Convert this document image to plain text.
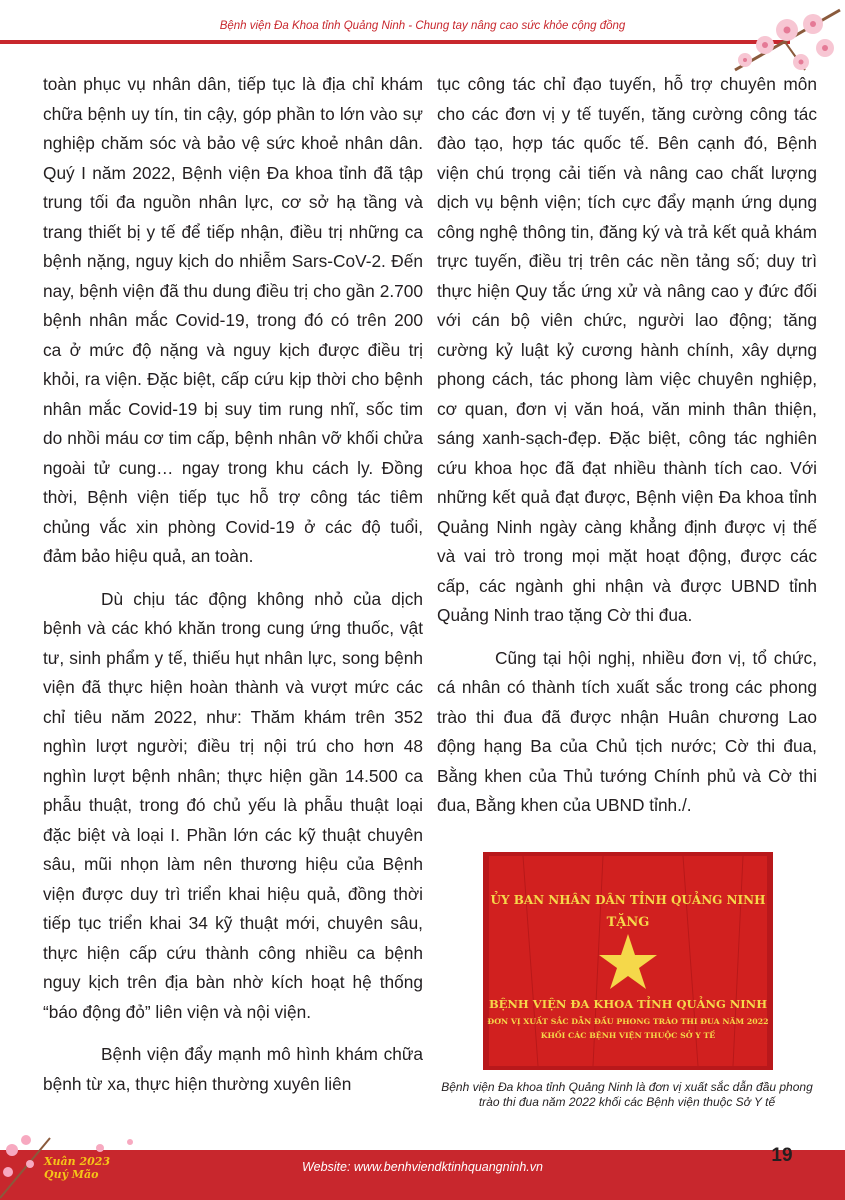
Bệnh viện Đa Khoa tỉnh Quảng Ninh - Chung tay nâng cao sức khỏe cộng đồng

toàn phục vụ nhân dân, tiếp tục là địa chỉ khám chữa bệnh uy tín, tin cậy, góp phần to lớn vào sự nghiệp chăm sóc và bảo vệ sức khoẻ nhân dân. Quý I năm 2022, Bệnh viện Đa khoa tỉnh đã tập trung tối đa nguồn nhân lực, cơ sở hạ tầng và trang thiết bị y tế để tiếp nhận, điều trị những ca bệnh nặng, nguy kịch do nhiễm Sars-CoV-2. Đến nay, bệnh viện đã thu dung điều trị cho gần 2.700 bệnh nhân mắc Covid-19, trong đó có trên 200 ca ở mức độ nặng và nguy kịch được điều trị khỏi, ra viện. Đặc biệt, cấp cứu kịp thời cho bệnh nhân mắc Covid-19 bị suy tim rung nhĩ, sốc tim do nhồi máu cơ tim cấp, bệnh nhân vỡ khối chửa ngoài tử cung… ngay trong khu cách ly. Đồng thời, Bệnh viện tiếp tục hỗ trợ công tác tiêm chủng vắc xin phòng Covid-19 ở các độ tuổi, đảm bảo hiệu quả, an toàn.

Dù chịu tác động không nhỏ của dịch bệnh và các khó khăn trong cung ứng thuốc, vật tư, sinh phẩm y tế, thiếu hụt nhân lực, song bệnh viện đã thực hiện hoàn thành và vượt mức các chỉ tiêu năm 2022, như: Thăm khám trên 352 nghìn lượt người; điều trị nội trú cho hơn 48 nghìn lượt bệnh nhân; thực hiện gần 14.500 ca phẫu thuật, trong đó chủ yếu là phẫu thuật loại đặc biệt và loại I. Phần lớn các kỹ thuật chuyên sâu, mũi nhọn làm nên thương hiệu của Bệnh viện được duy trì triển khai hiệu quả, đồng thời tiếp tục triển khai 34 kỹ thuật mới, chuyên sâu, thực hiện cấp cứu thành công nhiều ca bệnh nguy kịch trên địa bàn nhờ kích hoạt hệ thống “báo động đỏ” liên viện và nội viện.

Bệnh viện đẩy mạnh mô hình khám chữa bệnh từ xa, thực hiện thường xuyên liên

tục công tác chỉ đạo tuyến, hỗ trợ chuyên môn cho các đơn vị y tế tuyến, tăng cường công tác đào tạo, hợp tác quốc tế. Bên cạnh đó, Bệnh viện chú trọng cải tiến và nâng cao chất lượng dịch vụ bệnh viện; tích cực đẩy mạnh ứng dụng công nghệ thông tin, đăng ký và trả kết quả khám trực tuyến, điều trị trên các nền tảng số; duy trì thực hiện Quy tắc ứng xử và nâng cao y đức đối với cán bộ viên chức, người lao động; tăng cường kỷ luật kỷ cương hành chính, xây dựng phong cách, tác phong làm việc chuyên nghiệp, cơ quan, đơn vị văn hoá, văn minh thân thiện, sáng xanh-sạch-đẹp. Đặc biệt, công tác nghiên cứu khoa học đã đạt nhiều thành tích cao. Với những kết quả đạt được, Bệnh viện Đa khoa tỉnh Quảng Ninh ngày càng khẳng định được vị thế và vai trò trong mọi mặt hoạt động, được các cấp, các ngành ghi nhận và được UBND tỉnh Quảng Ninh trao tặng Cờ thi đua.

Cũng tại hội nghị, nhiều đơn vị, tổ chức, cá nhân có thành tích xuất sắc trong các phong trào thi đua đã được nhận Huân chương Lao động hạng Ba của Chủ tịch nước; Cờ thi đua, Bằng khen của Thủ tướng Chính phủ và Cờ thi đua, Bằng khen của UBND tỉnh./.

ỦY BAN NHÂN DÂN TỈNH QUẢNG NINH
TẶNG
BỆNH VIỆN ĐA KHOA TỈNH QUẢNG NINH
ĐƠN VỊ XUẤT SẮC DẪN ĐẦU PHONG TRÀO THI ĐUA NĂM 2022
KHỐI CÁC BỆNH VIỆN THUỘC SỞ Y TẾ
Bệnh viện Đa khoa tỉnh Quảng Ninh là đơn vị xuất sắc dẫn đầu phong trào thi đua năm 2022 khối các Bệnh viện thuộc Sở Y tế
Xuân 2023
Quý Mão
Website: www.benhviendktinhquangninh.vn
19
